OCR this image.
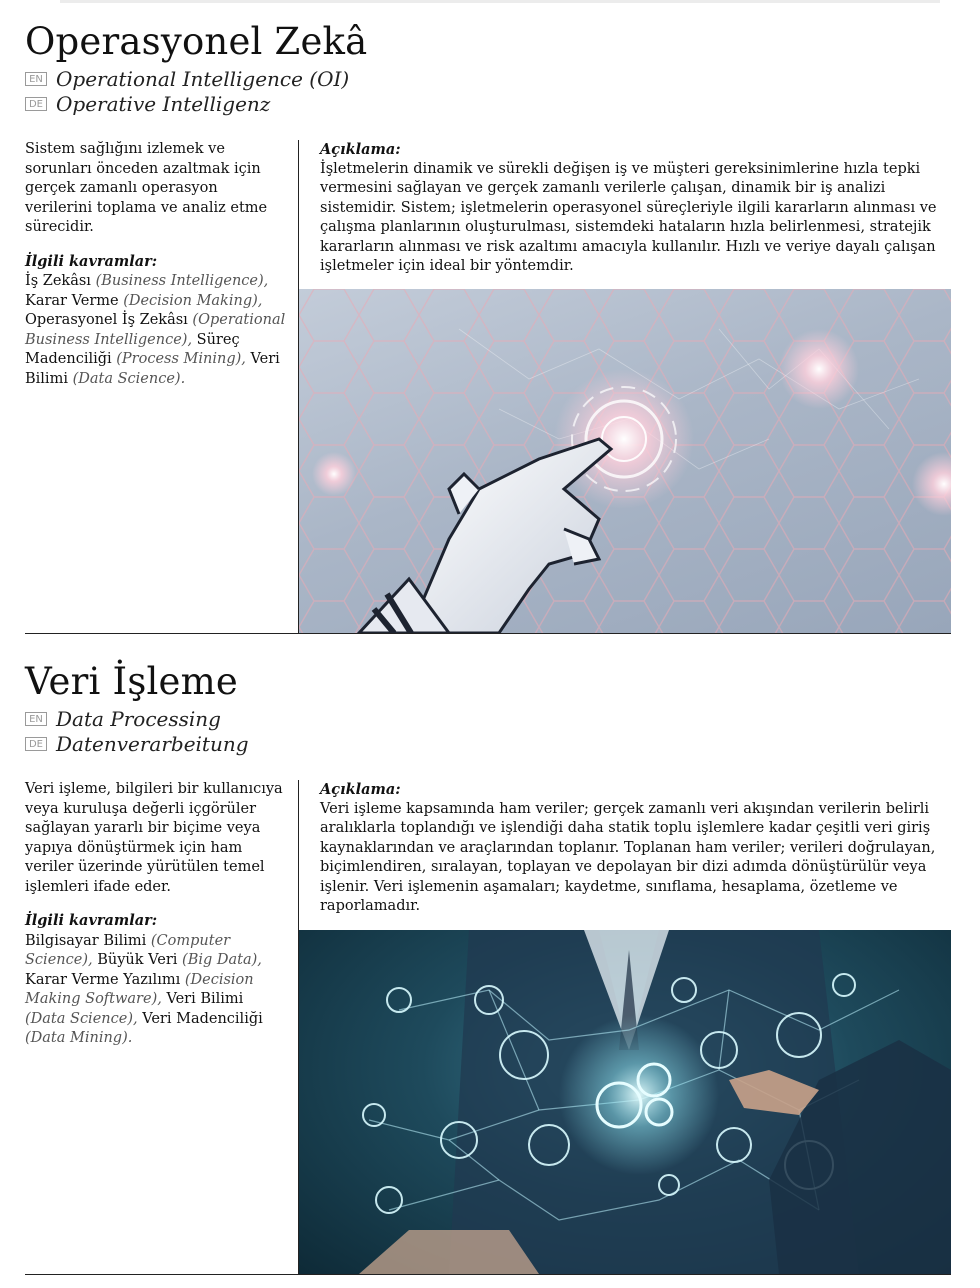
Operasyonel Zekâ
EN Operational Intelligence (OI)
DE Operative Intelligenz

Sistem sağlığını izlemek ve sorunları önceden azaltmak için gerçek zamanlı operasyon verilerini toplama ve analiz etme sürecidir.

İlgili kavramlar:
İş Zekâsı (Business Intelligence), Karar Verme (Decision Making), Operasyonel İş Zekâsı (Operational Business Intelligence), Süreç Madenciliği (Process Mining), Veri Bilimi (Data Science).
Açıklama:

İşletmelerin dinamik ve sürekli değişen iş ve müşteri gereksinimlerine hızla tepki vermesini sağlayan ve gerçek zamanlı verilerle çalışan, dinamik bir iş analizi sistemidir. Sistem; işletmelerin operasyonel süreçleriyle ilgili kararların alınması ve çalışma planlarının oluşturulması, sistemdeki hataların hızla belirlenmesi, stratejik kararların alınması ve risk azaltımı amacıyla kullanılır. Hızlı ve veriye dayalı çalışan işletmeler için ideal bir yöntemdir.

Veri İşleme
EN Data Processing
DE Datenverarbeitung

Veri işleme, bilgileri bir kullanıcıya veya kuruluşa değerli içgörüler sağlayan yararlı bir biçime veya yapıya dönüştürmek için ham veriler üzerinde yürütülen temel işlemleri ifade eder.

İlgili kavramlar:
Bilgisayar Bilimi (Computer Science), Büyük Veri (Big Data), Karar Verme Yazılımı (Decision Making Software), Veri Bilimi (Data Science), Veri Madenciliği (Data Mining).
Açıklama:

Veri işleme kapsamında ham veriler; gerçek zamanlı veri akışından verilerin belirli aralıklarla toplandığı ve işlendiği daha statik toplu işlemlere kadar çeşitli veri giriş kaynaklarından ve araçlarından toplanır. Toplanan ham veriler; verileri doğrulayan, biçimlendiren, sıralayan, toplayan ve depolayan bir dizi adımda dönüştürülür veya işlenir. Veri işlemenin aşamaları; kaydetme, sınıflama, hesaplama, özetleme ve raporlamadır.
